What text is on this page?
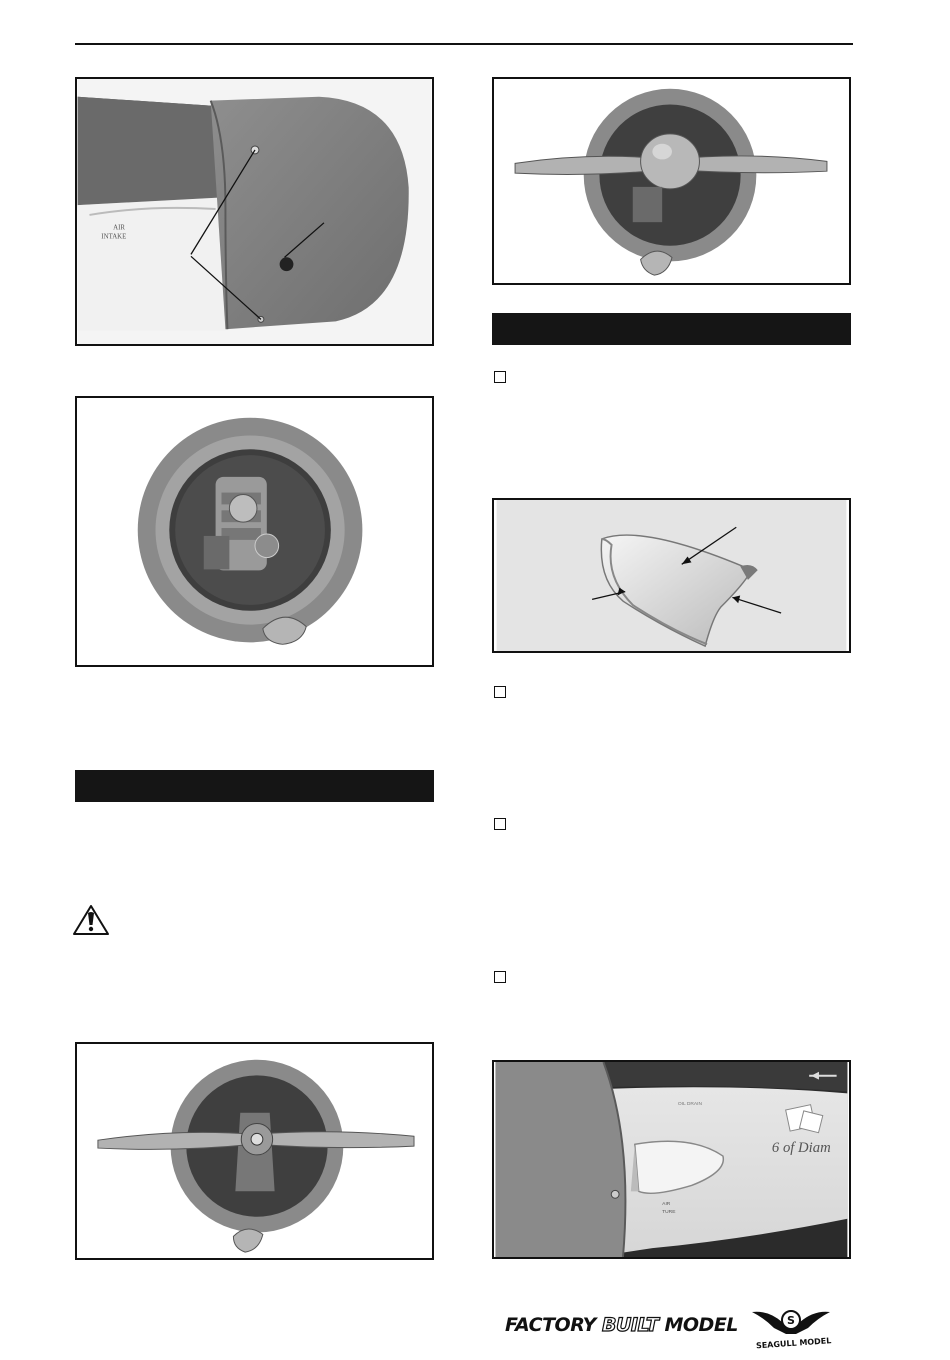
AIR
INTAKE
6 of Diam
OIL DRAIN
AIR
TURE
FACTORY BUILT MODEL	S
SEAGULL MODEL
